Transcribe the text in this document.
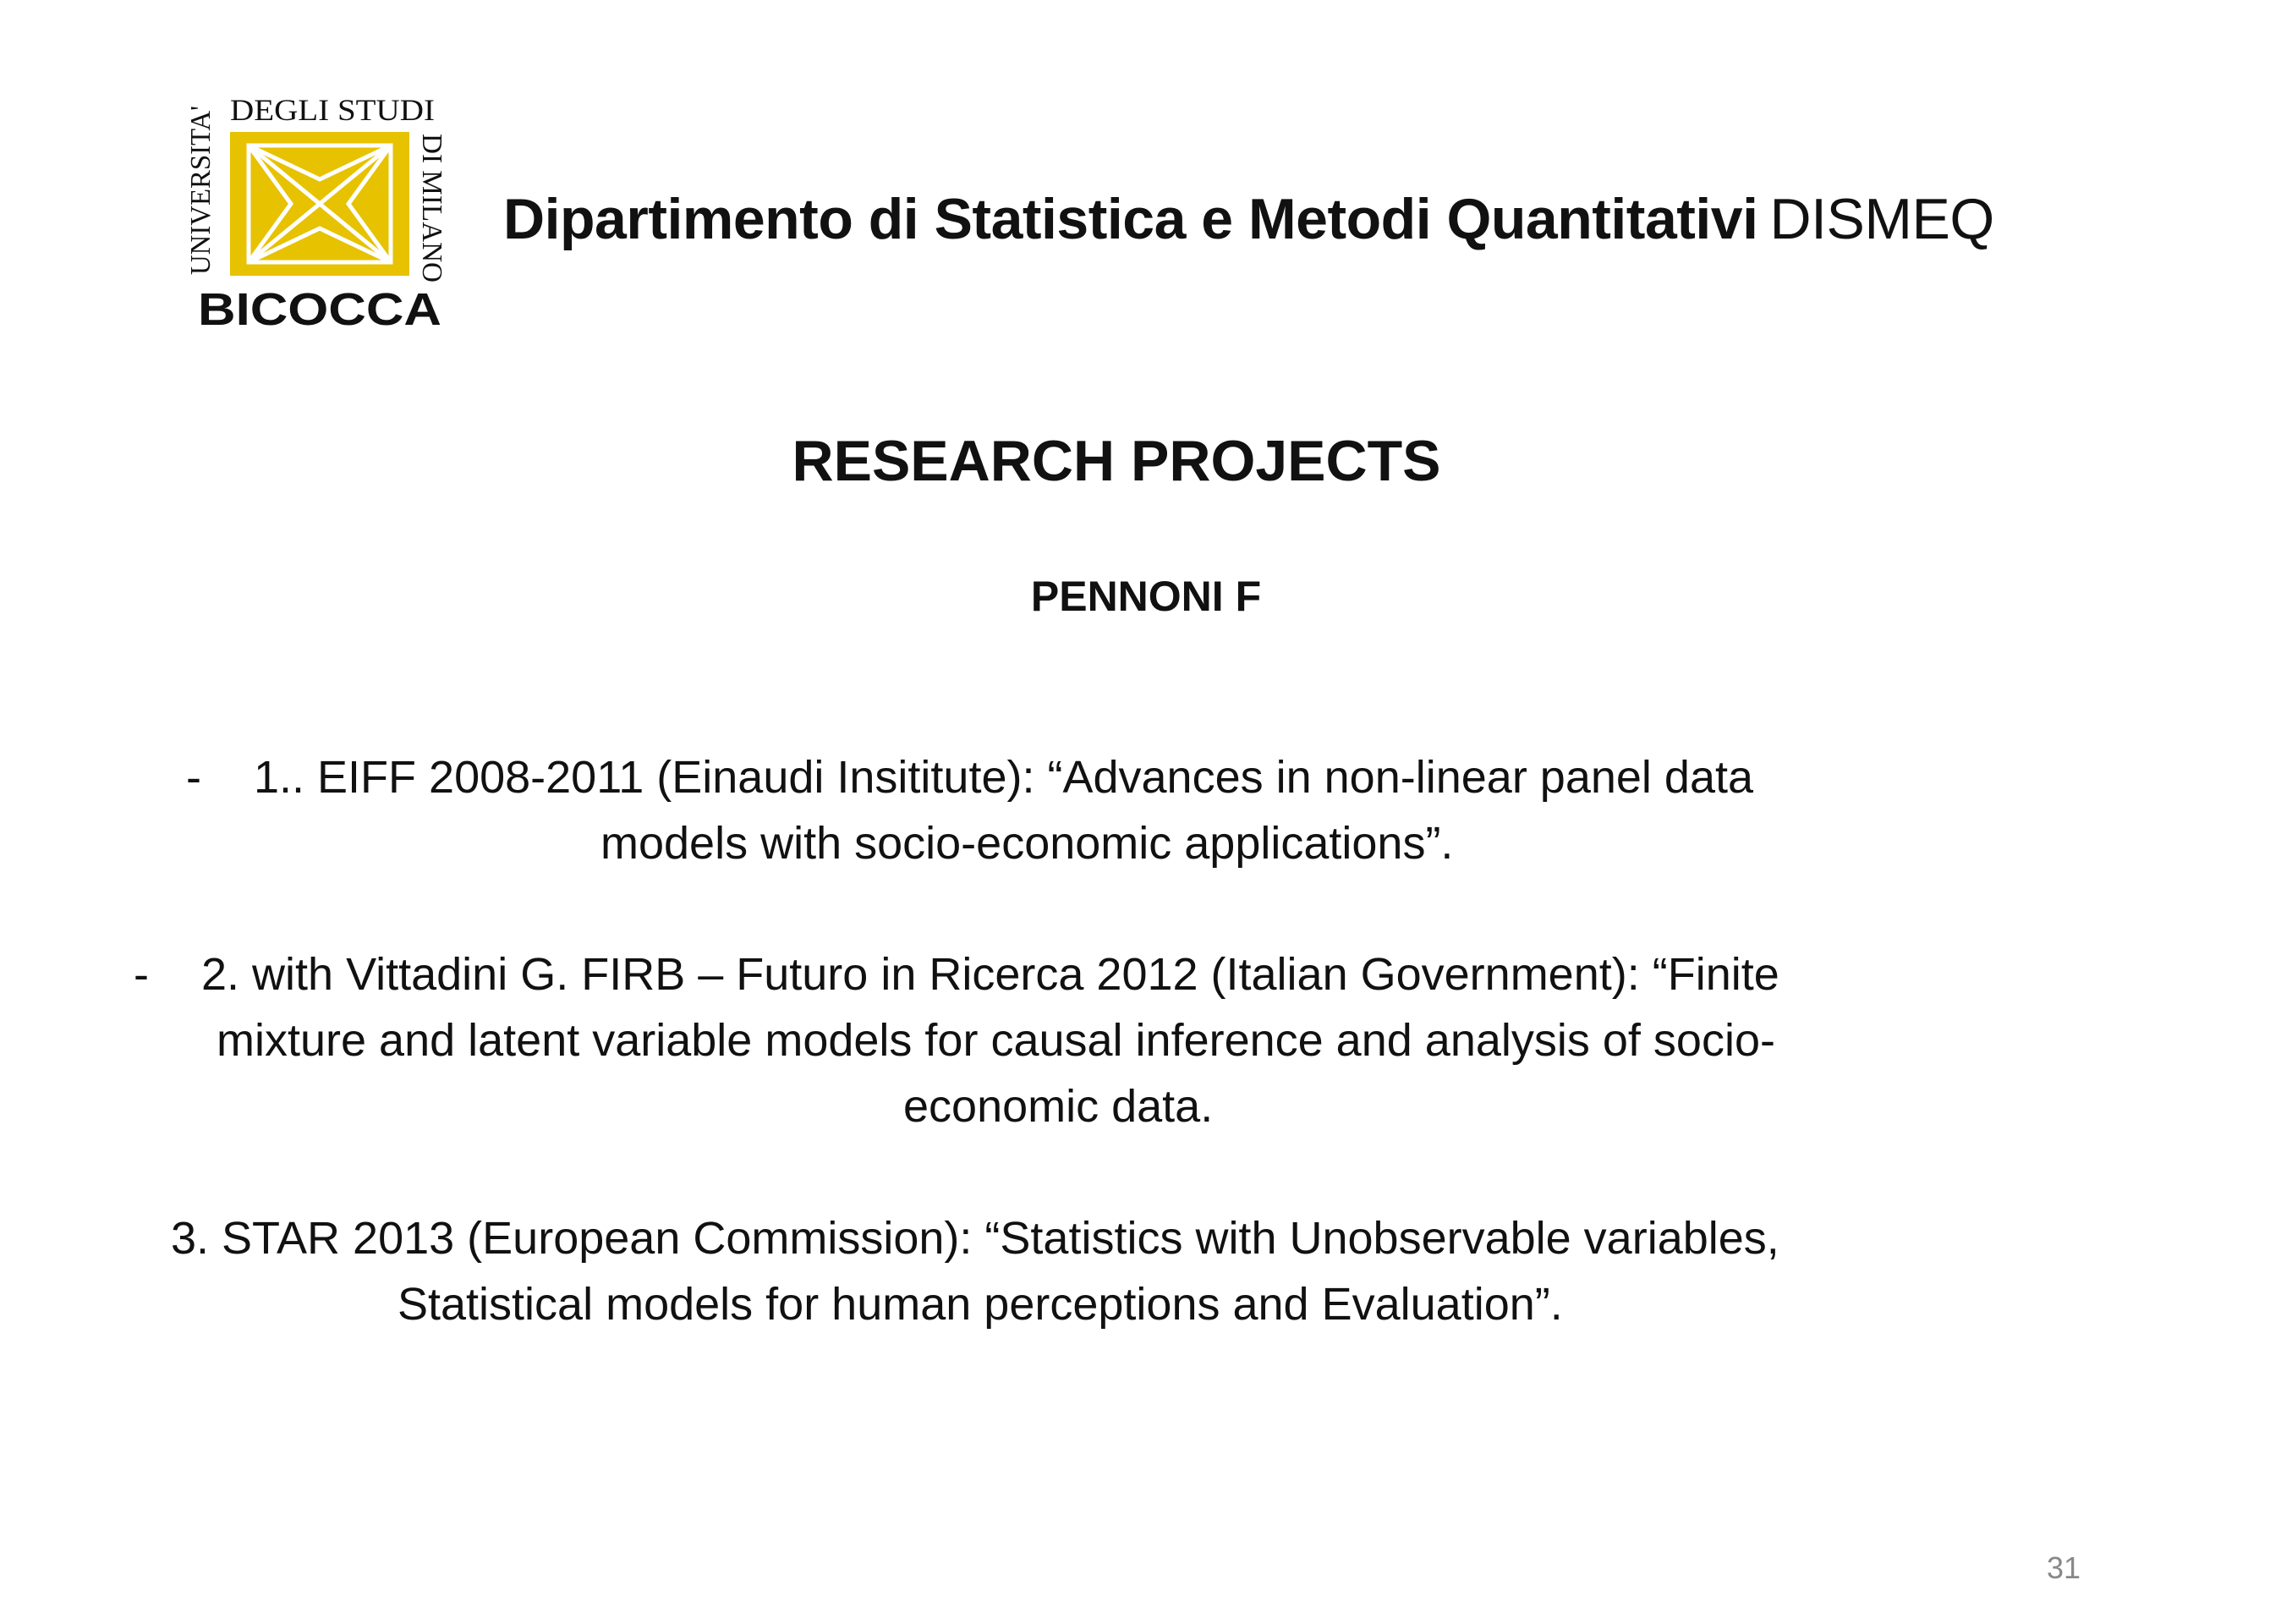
UNIVERSITA' DEGLI STUDI
DI MILANO
BICOCCA
Dipartimento di Statistica e Metodi Quantitativi DISMEQ
RESEARCH PROJECTS
PENNONI F
- 1.. EIFF 2008-2011 (Einaudi Insititute): “Advances in non-linear panel data
models with socio-economic applications”.
- 2. with Vittadini G. FIRB – Futuro in Ricerca 2012 (Italian Government): “Finite
mixture and latent variable models for causal inference and analysis of socio-
economic data.
3. STAR 2013 (European Commission): “Statistics with Unobservable variables,
Statistical models for human perceptions and Evaluation”.
31
